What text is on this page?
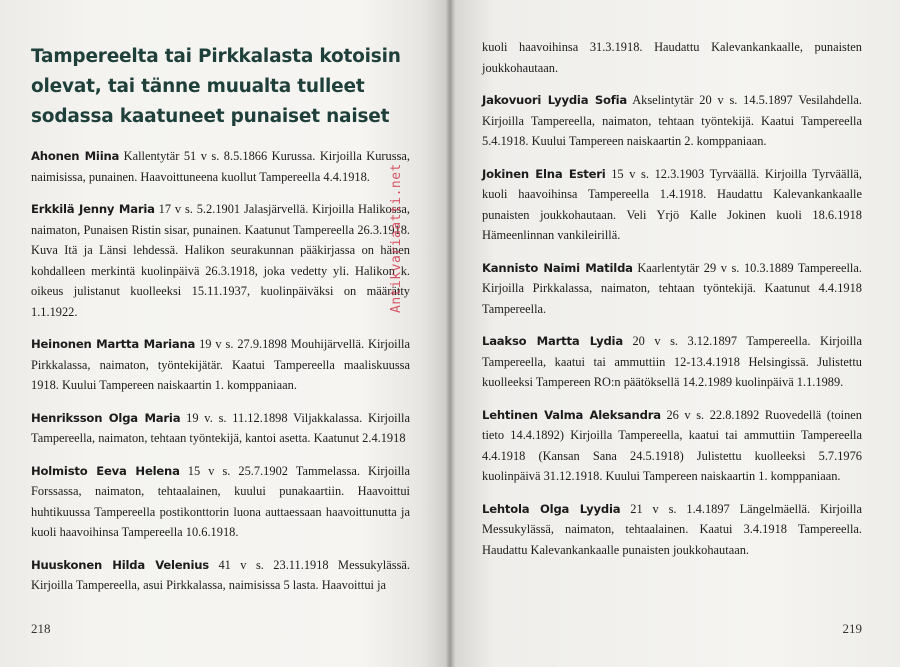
Tampereelta tai Pirkkalasta kotoisin olevat, tai tänne muualta tulleet sodassa kaatuneet punaiset naiset

Ahonen Miina Kallentytär 51 v s. 8.5.1866 Kurussa. Kirjoilla Kurussa, naimisissa, punainen. Haavoittuneena kuollut Tampereella 4.4.1918.

Erkkilä Jenny Maria 17 v s. 5.2.1901 Jalasjärvellä. Kirjoilla Halikossa, naimaton, Punaisen Ristin sisar, punainen. Kaatunut Tampereella 26.3.1918. Kuva Itä ja Länsi lehdessä. Halikon seurakunnan pääkirjassa on hänen kohdalleen merkintä kuolinpäivä 26.3.1918, joka vedetty yli. Halikon k. oikeus julistanut kuolleeksi 15.11.1937, kuolinpäiväksi on määrätty 1.1.1922.

Heinonen Martta Mariana 19 v s. 27.9.1898 Mouhijärvellä. Kirjoilla Pirkkalassa, naimaton, työntekijätär. Kaatui Tampereella maaliskuussa 1918. Kuului Tampereen naiskaartin 1. komppaniaan.

Henriksson Olga Maria 19 v. s. 11.12.1898 Viljakkalassa. Kirjoilla Tampereella, naimaton, tehtaan työntekijä, kantoi asetta. Kaatunut 2.4.1918

Holmisto Eeva Helena 15 v s. 25.7.1902 Tammelassa. Kirjoilla Forssassa, naimaton, tehtaalainen, kuului punakaartiin. Haavoittui huhtikuussa Tampereella postikonttorin luona auttaessaan haavoittunutta ja kuoli haavoihinsa Tampereella 10.6.1918.

Huuskonen Hilda Velenius 41 v s. 23.11.1918 Messukylässä. Kirjoilla Tampereella, asui Pirkkalassa, naimisissa 5 lasta. Haavoittui ja

218
Antikvariaatti.net

kuoli haavoihinsa 31.3.1918. Haudattu Kalevankankaalle, punaisten joukkohautaan.

Jakovuori Lyydia Sofia Akselintytär 20 v s. 14.5.1897 Vesilahdella. Kirjoilla Tampereella, naimaton, tehtaan työntekijä. Kaatui Tampereella 5.4.1918. Kuului Tampereen naiskaartin 2. komppaniaan.

Jokinen Elna Esteri 15 v s. 12.3.1903 Tyrväällä. Kirjoilla Tyrväällä, kuoli haavoihinsa Tampereella 1.4.1918. Haudattu Kalevankankaalle punaisten joukkohautaan. Veli Yrjö Kalle Jokinen kuoli 18.6.1918 Hämeenlinnan vankileirillä.

Kannisto Naimi Matilda Kaarlentytär 29 v s. 10.3.1889 Tampereella. Kirjoilla Pirkkalassa, naimaton, tehtaan työntekijä. Kaatunut 4.4.1918 Tampereella.

Laakso Martta Lydia 20 v s. 3.12.1897 Tampereella. Kirjoilla Tampereella, kaatui tai ammuttiin 12-13.4.1918 Helsingissä. Julistettu kuolleeksi Tampereen RO:n päätöksellä 14.2.1989 kuolinpäivä 1.1.1989.

Lehtinen Valma Aleksandra 26 v s. 22.8.1892 Ruovedellä (toinen tieto 14.4.1892) Kirjoilla Tampereella, kaatui tai ammuttiin Tampereella 4.4.1918 (Kansan Sana 24.5.1918) Julistettu kuolleeksi 5.7.1976 kuolinpäivä 31.12.1918. Kuului Tampereen naiskaartin 1. komppaniaan.

Lehtola Olga Lyydia 21 v s. 1.4.1897 Längelmäellä. Kirjoilla Messukylässä, naimaton, tehtaalainen. Kaatui 3.4.1918 Tampereella. Haudattu Kalevankankaalle punaisten joukkohautaan.

219
